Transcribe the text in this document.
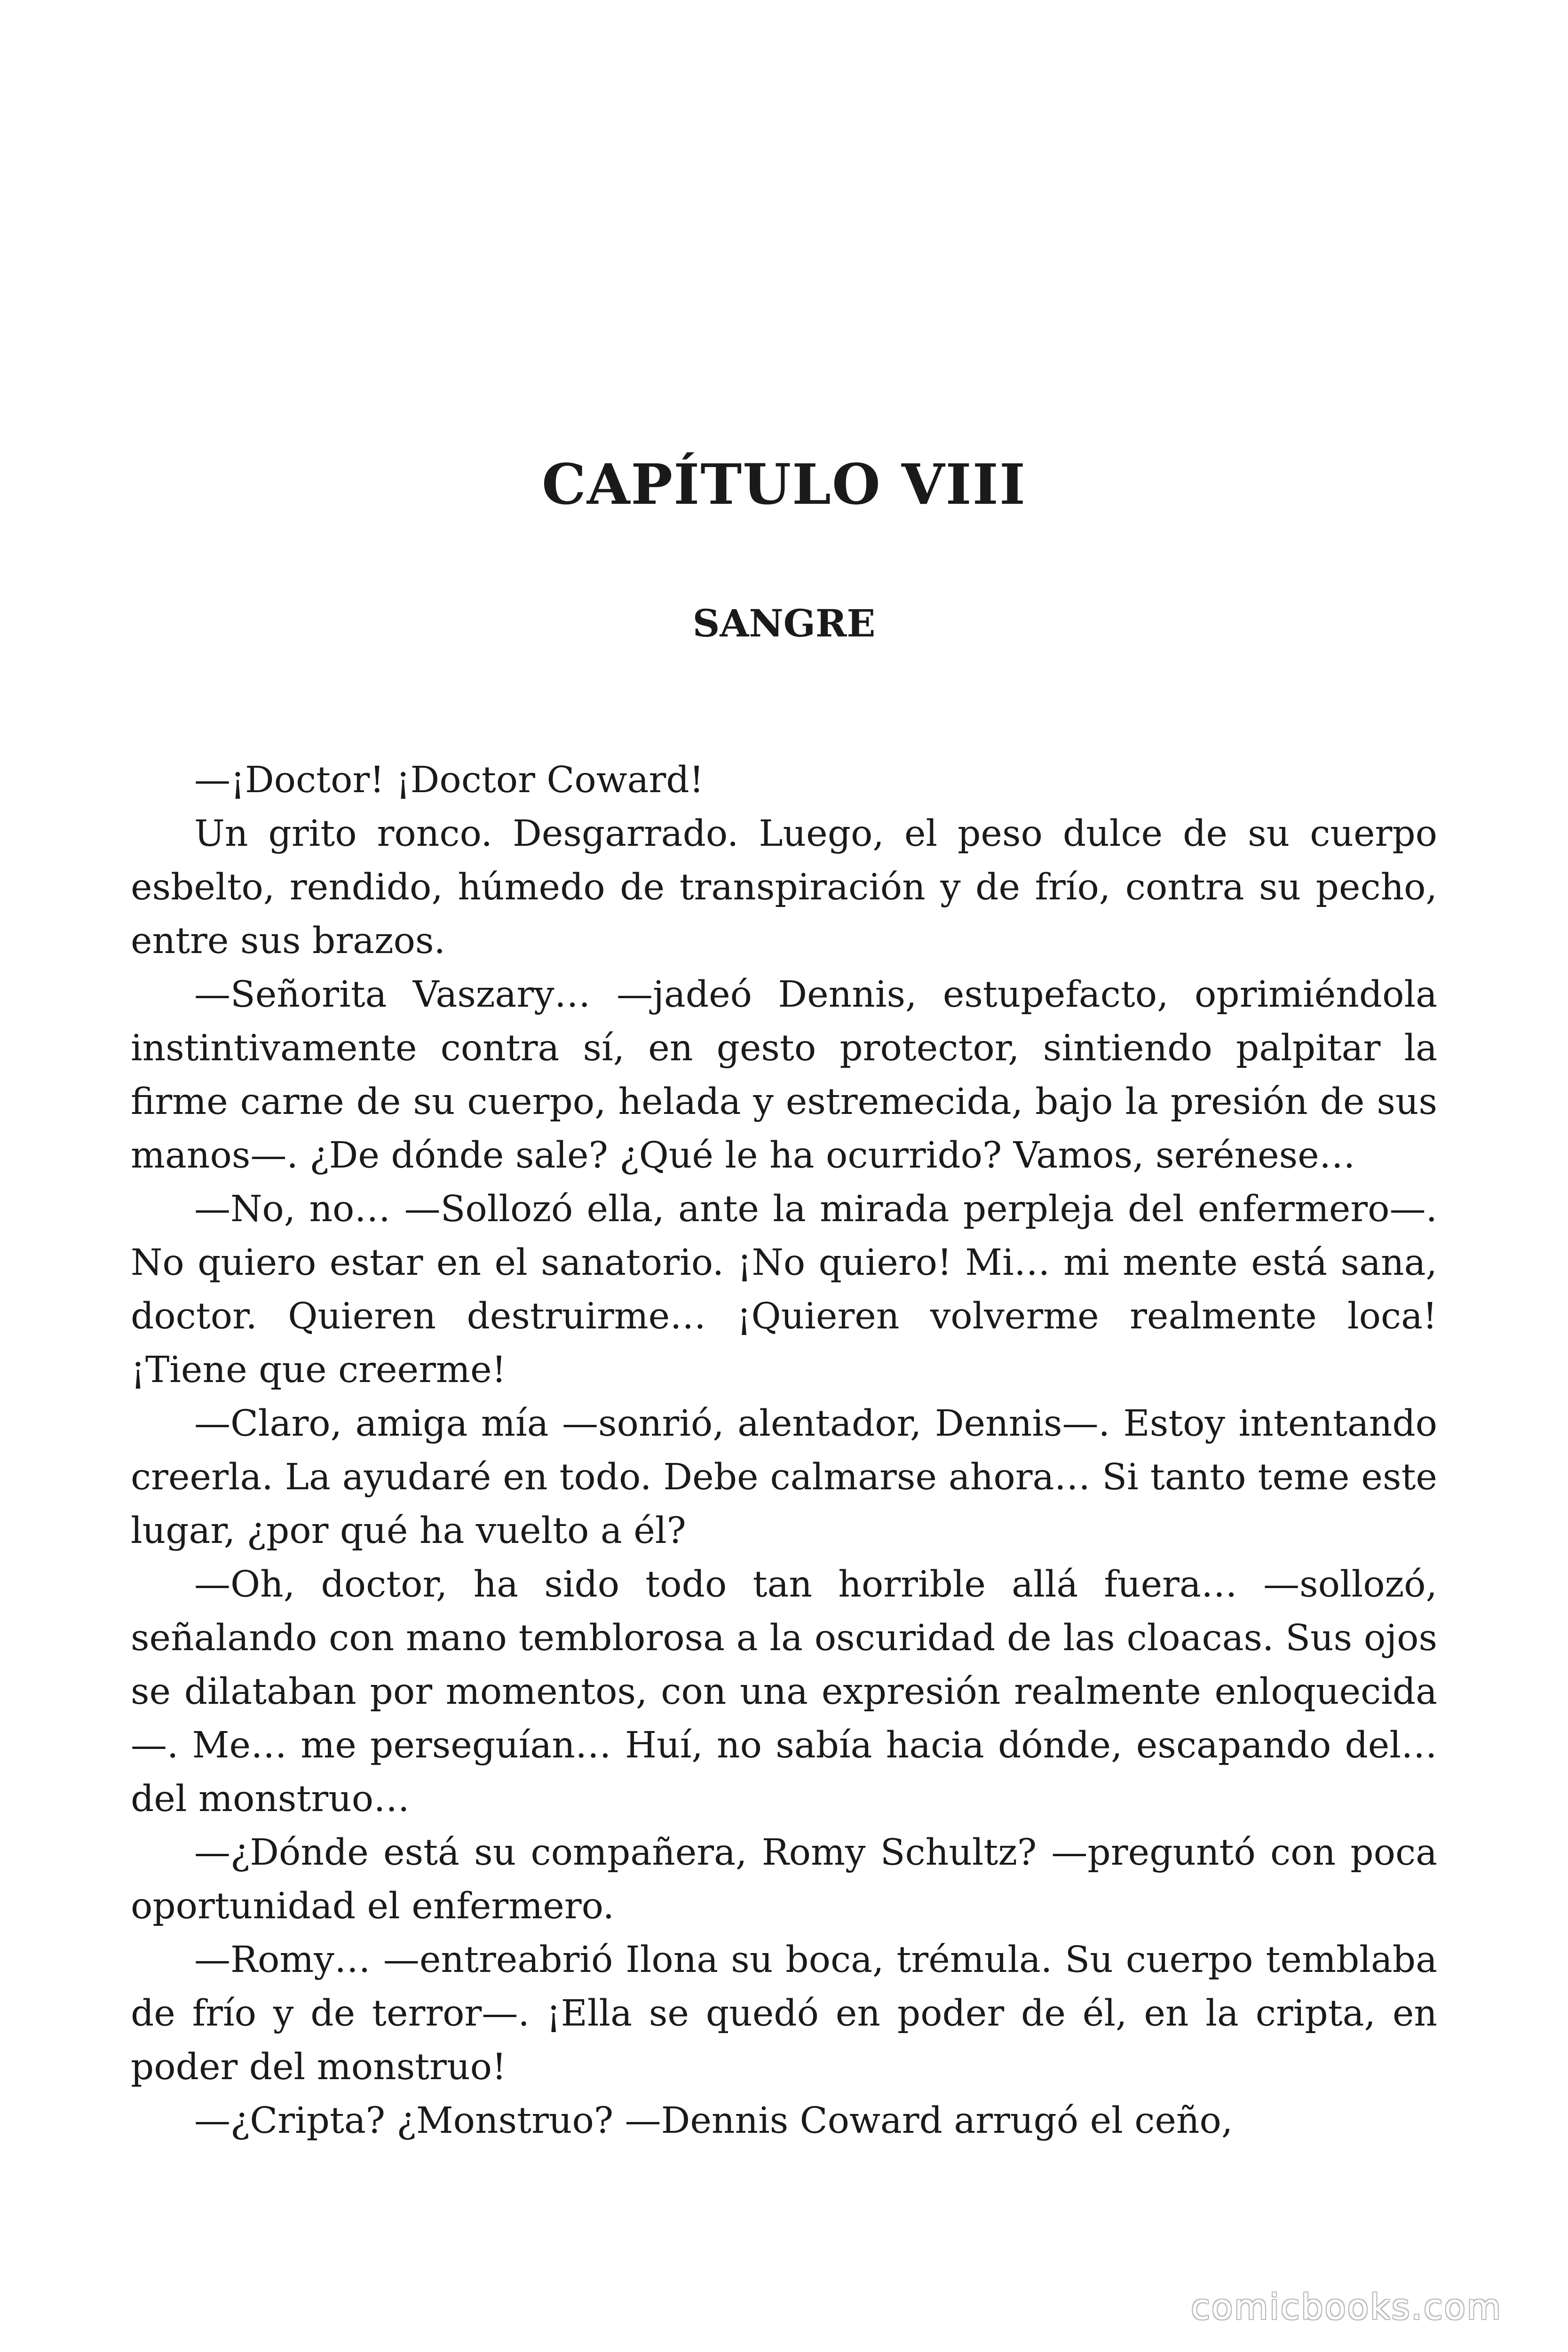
CAPÍTULO VIII
SANGRE

—¡Doctor! ¡Doctor Coward!

Un grito ronco. Desgarrado. Luego, el peso dulce de su cuerpo esbelto, rendido, húmedo de transpiración y de frío, contra su pecho, entre sus brazos.

—Señorita Vaszary… —jadeó Dennis, estupefacto, oprimiéndola instintivamente contra sí, en gesto protector, sintiendo palpitar la firme carne de su cuerpo, helada y estremecida, bajo la presión de sus manos—. ¿De dónde sale? ¿Qué le ha ocurrido? Vamos, serénese…

—No, no… —Sollozó ella, ante la mirada perpleja del enfermero—. No quiero estar en el sanatorio. ¡No quiero! Mi… mi mente está sana, doctor. Quieren destruirme… ¡Quieren volverme realmente loca! ¡Tiene que creerme!

—Claro, amiga mía —sonrió, alentador, Dennis—. Estoy intentando creerla. La ayudaré en todo. Debe calmarse ahora… Si tanto teme este lugar, ¿por qué ha vuelto a él?

—Oh, doctor, ha sido todo tan horrible allá fuera… —sollozó, señalando con mano temblorosa a la oscuridad de las cloacas. Sus ojos se dilataban por momentos, con una expresión realmente enloquecida—. Me… me perseguían… Huí, no sabía hacia dónde, escapando del… del monstruo…

—¿Dónde está su compañera, Romy Schultz? —preguntó con poca oportunidad el enfermero.

—Romy… —entreabrió Ilona su boca, trémula. Su cuerpo temblaba de frío y de terror—. ¡Ella se quedó en poder de él, en la cripta, en poder del monstruo!

—¿Cripta? ¿Monstruo? —Dennis Coward arrugó el ceño,

comicbooks.com
